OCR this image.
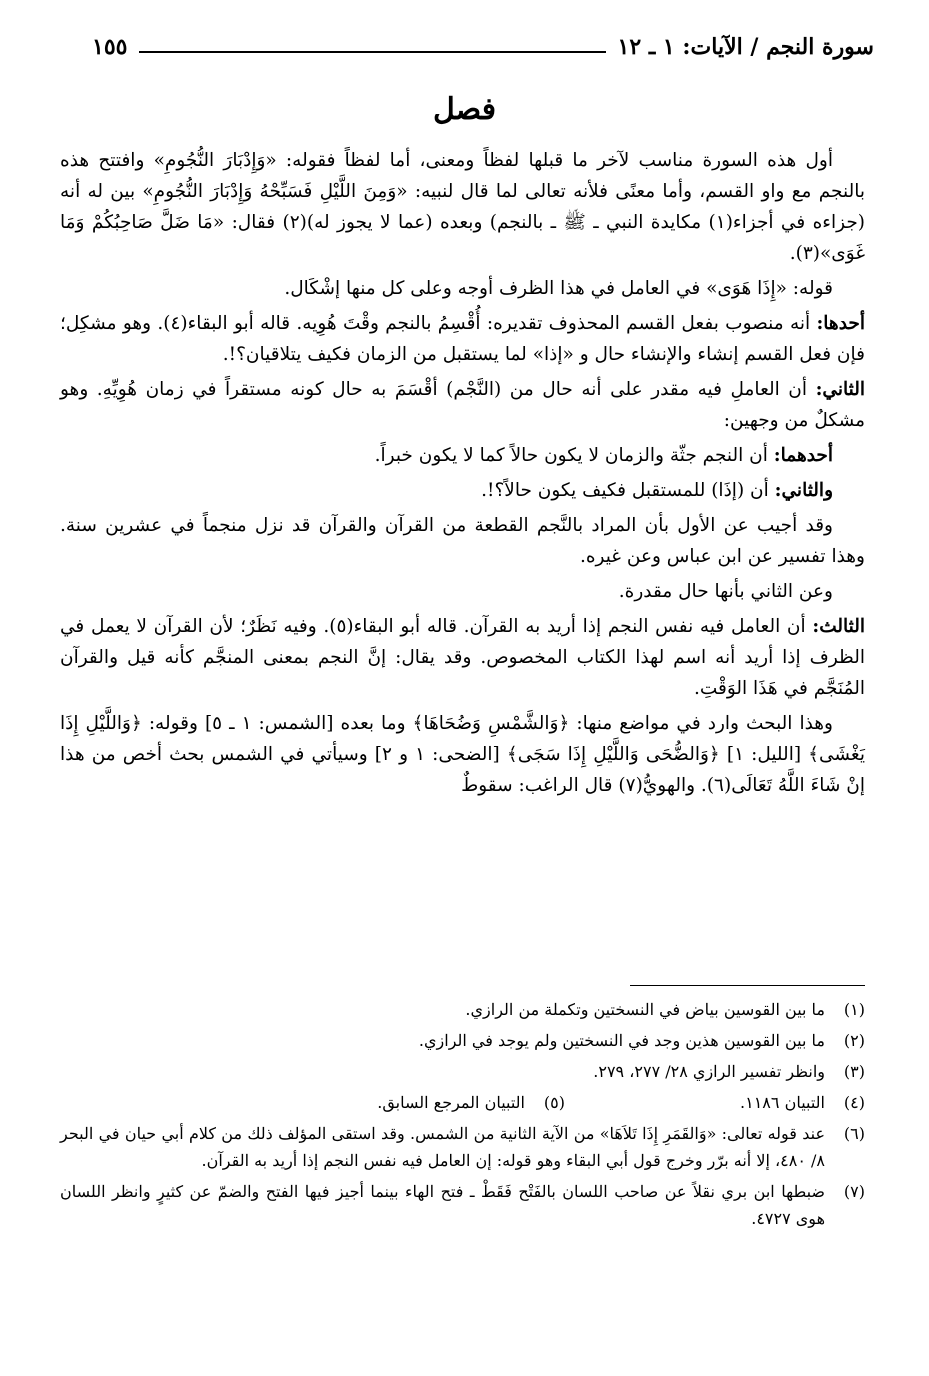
سورة النجم / الآيات: ١ ـ ١٢
١٥٥
فصل

أول هذه السورة مناسب لآخر ما قبلها لفظاً ومعنى، أما لفظاً فقوله: «وَإِدْبَارَ النُّجُومِ» وافتتح هذه بالنجم مع واو القسم، وأما معنًى فلأنه تعالى لما قال لنبيه: «وَمِنَ اللَّيْلِ فَسَبِّحْهُ وَإِدْبَارَ النُّجُومِ» بين له أنه (جزاءه في أجزاء(١) مكايدة النبي ـ ﷺ ـ بالنجم) وبعده (عما لا يجوز له)(٢) فقال: «مَا ضَلَّ صَاحِبُكُمْ وَمَا غَوَى»(٣).

قوله: «إِذَا هَوَى» في العامل في هذا الظرف أوجه وعلى كل منها إشْكَال.

أحدها: أنه منصوب بفعل القسم المحذوف تقديره: أُقْسِمُ بالنجم وقْتَ هُوِيه. قاله أبو البقاء(٤). وهو مشكِل؛ فإن فعل القسم إنشاء والإنشاء حال و «إذا» لما يستقبل من الزمان فكيف يتلاقيان؟!.

الثاني: أن العاملِ فيه مقدر على أنه حال من (النَّجْم) أقْسَمَ به حال كونه مستقراً في زمان هُوِيِّهِ. وهو مشكلٌ من وجهين:

أحدهما: أن النجم جثّة والزمان لا يكون حالاً كما لا يكون خبراً.

والثاني: أن (إذَا) للمستقبل فكيف يكون حالاً؟!.

وقد أجيب عن الأول بأن المراد بالنَّجم القطعة من القرآن والقرآن قد نزل منجماً في عشرين سنة. وهذا تفسير عن ابن عباس وعن غيره.

وعن الثاني بأنها حال مقدرة.

الثالث: أن العامل فيه نفس النجم إذا أريد به القرآن. قاله أبو البقاء(٥). وفيه نَظَرٌ؛ لأن القرآن لا يعمل في الظرف إذا أريد أنه اسم لهذا الكتاب المخصوص. وقد يقال: إنَّ النجم بمعنى المنجَّم كأنه قيل والقرآن المُنَجَّم في هَذَا الوَقْتِ.

وهذا البحث وارد في مواضع منها: ﴿وَالشَّمْسِ وَضُحَاهَا﴾ وما بعده [الشمس: ١ ـ ٥] وقوله: ﴿وَاللَّيْلِ إِذَا يَغْشَى﴾ [الليل: ١] ﴿وَالضُّحَى وَاللَّيْلِ إِذَا سَجَى﴾ [الضحى: ١ و ٢] وسيأتي في الشمس بحث أخص من هذا إنْ شَاءَ اللَّهُ تَعَالَى(٦). والهويُّ(٧) قال الراغب: سقوطٌ

(١)
ما بين القوسين بياض في النسختين وتكملة من الرازي.
(٢)
ما بين القوسين هذين وجد في النسختين ولم يوجد في الرازي.
(٣)
وانظر تفسير الرازي ٢٨/ ٢٧٧، ٢٧٩.
(٤)
التبيان ١١٨٦.
(٥)
التبيان المرجع السابق.
(٦)
عند قوله تعالى: «وَالقَمَرِ إِذَا تَلاَهَا» من الآية الثانية من الشمس. وقد استقى المؤلف ذلك من كلام أبي حيان في البحر ٨/ ٤٨٠، إلا أنه برّر وخرج قول أبي البقاء وهو قوله: إن العامل فيه نفس النجم إذا أريد به القرآن.
(٧)
ضبطها ابن بري نقلاً عن صاحب اللسان بالفَتْح فَقَطْ ـ فتح الهاء بينما أجيز فيها الفتح والضمّ عن كثيرٍ وانظر اللسان هوى ٤٧٢٧.
